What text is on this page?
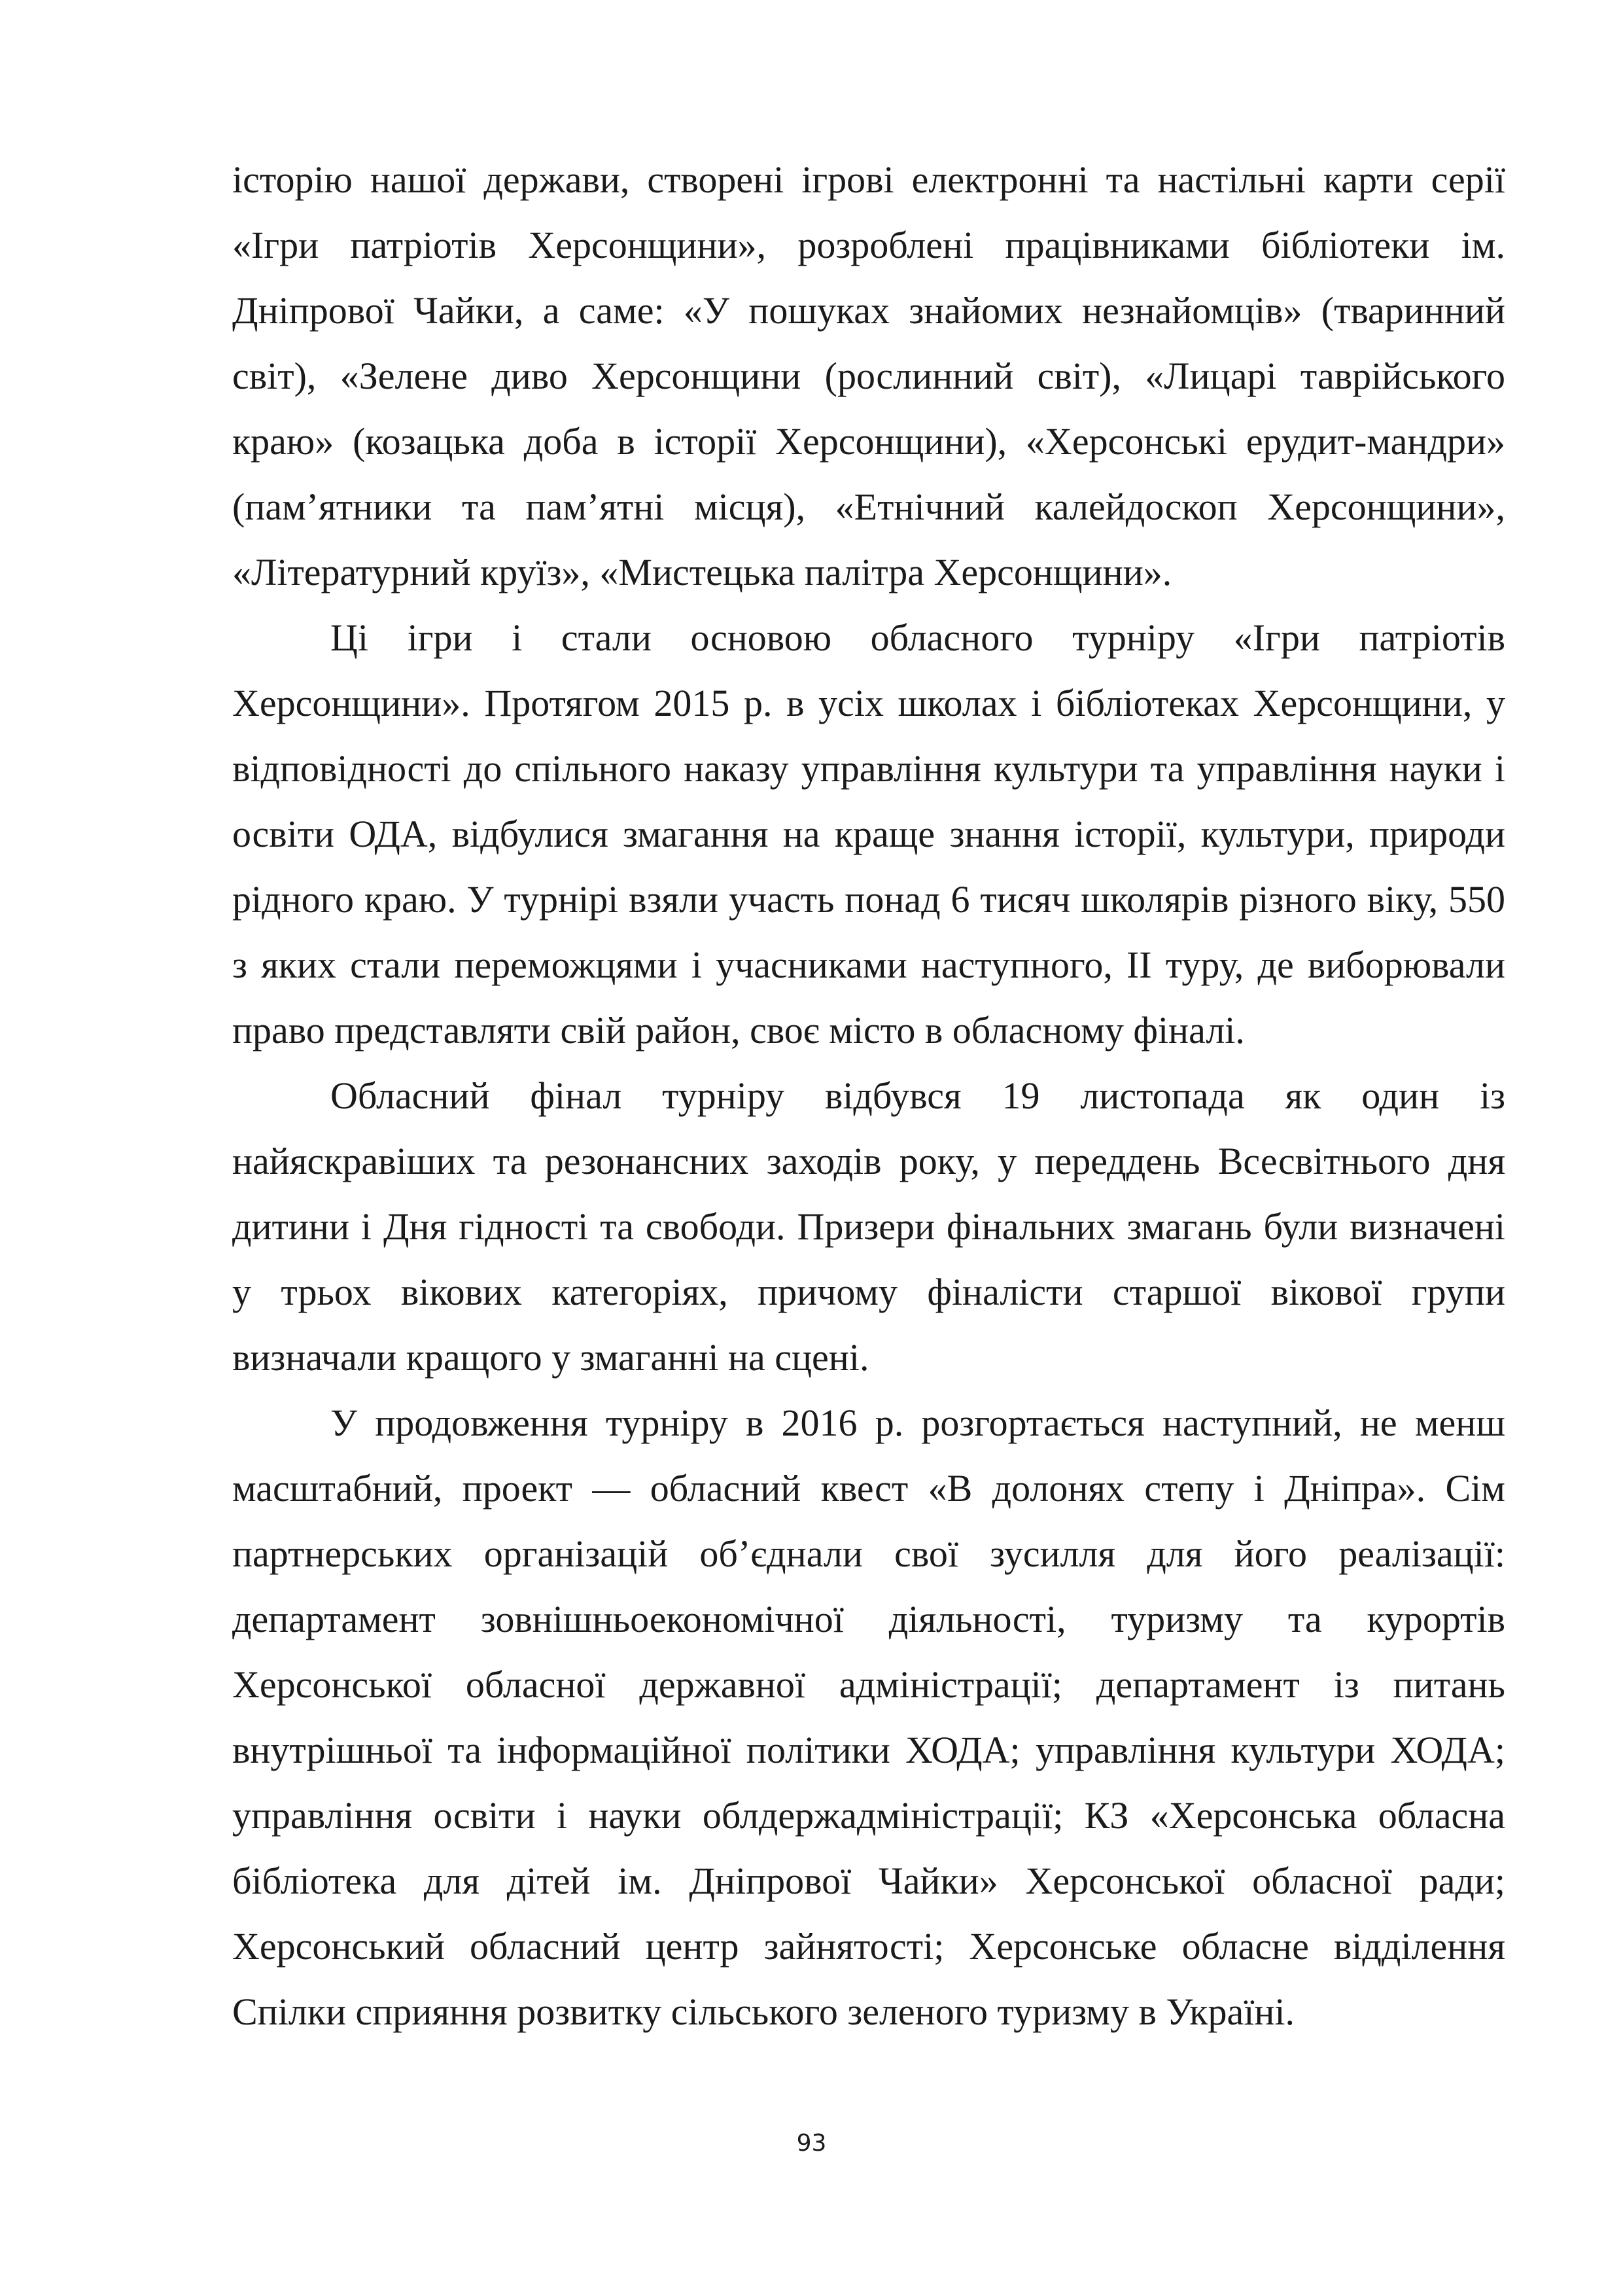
історію нашої держави, створені ігрові електронні та настільні карти серії «Ігри патріотів Херсонщини», розроблені працівниками бібліотеки ім. Дніпрової Чайки, а саме: «У пошуках знайомих незнайомців» (тваринний світ), «Зелене диво Херсонщини (рослинний світ), «Лицарі таврійського краю» (козацька доба в історії Херсонщини), «Херсонські ерудит-мандри» (пам’ятники та пам’ятні місця), «Етнічний калейдоскоп Херсонщини», «Літературний круїз», «Мистецька палітра Херсонщини».

Ці ігри і стали основою обласного турніру «Ігри патріотів Херсонщини». Протягом 2015 р. в усіх школах і бібліотеках Херсонщини, у відповідності до спільного наказу управління культури та управління науки і освіти ОДА, відбулися змагання на краще знання історії, культури, природи рідного краю. У турнірі взяли участь понад 6 тисяч школярів різного віку, 550 з яких стали переможцями і учасниками наступного, ІІ туру, де виборювали право представляти свій район, своє місто в обласному фіналі.

Обласний фінал турніру відбувся 19 листопада як один із найяскравіших та резонансних заходів року, у переддень Всесвітнього дня дитини і Дня гідності та свободи. Призери фінальних змагань були визначені у трьох вікових категоріях, причому фіналісти старшої вікової групи визначали кращого у змаганні на сцені.

У продовження турніру в 2016 р. розгортається наступний, не менш масштабний, проект — обласний квест «В долонях степу і Дніпра». Сім партнерських організацій об’єднали свої зусилля для його реалізації: департамент зовнішньоекономічної діяльності, туризму та курортів Херсонської обласної державної адміністрації; департамент із питань внутрішньої та інформаційної політики ХОДА; управління культури ХОДА; управління освіти і науки облдержадміністрації; КЗ «Херсонська обласна бібліотека для дітей ім. Дніпрової Чайки» Херсонської обласної ради; Херсонський обласний центр зайнятості; Херсонське обласне відділення Спілки сприяння розвитку сільського зеленого туризму в Україні.

93
